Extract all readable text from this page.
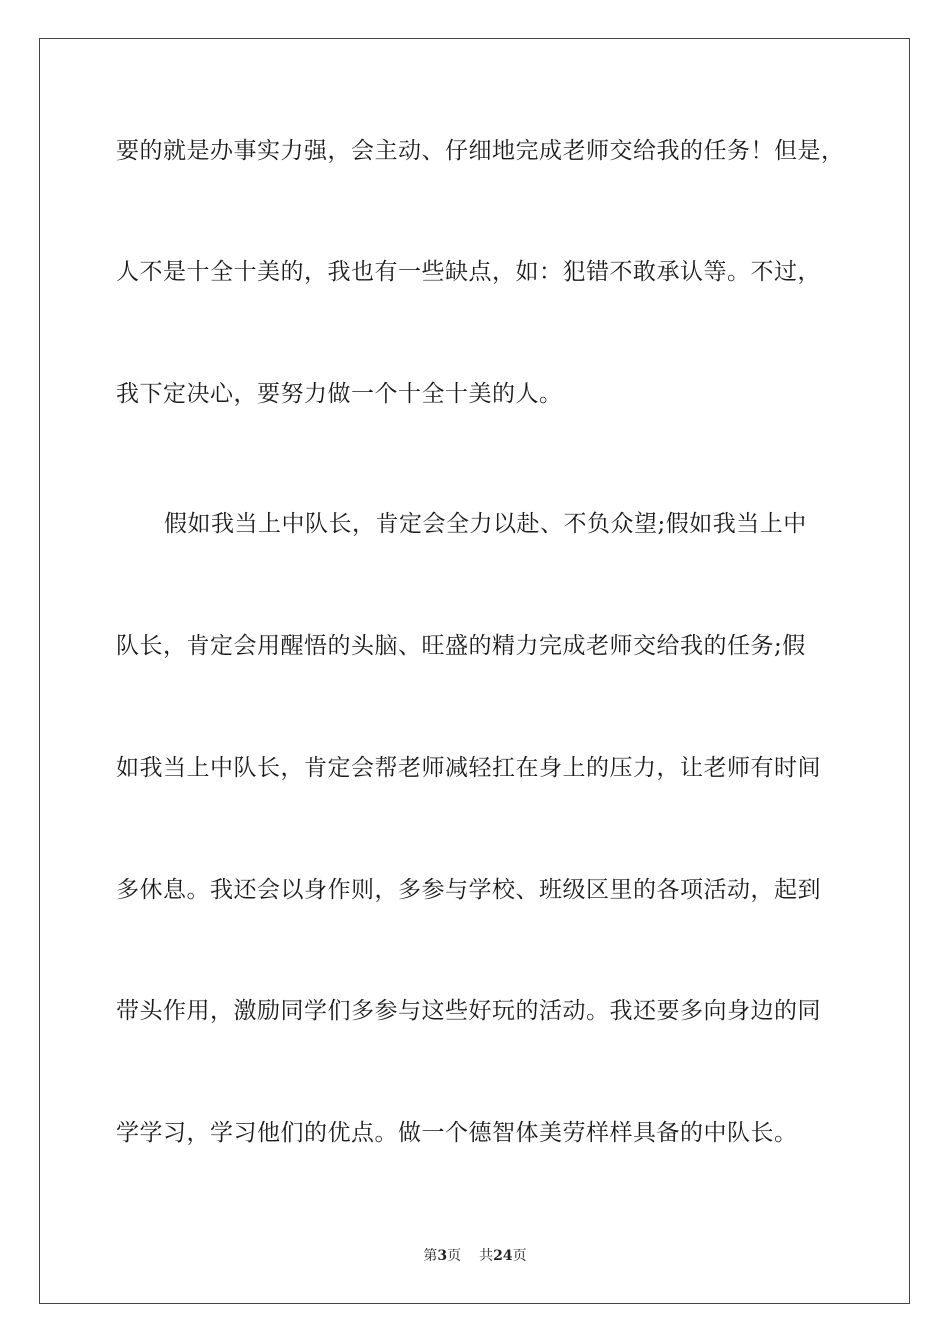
要的就是办事实力强，会主动、仔细地完成老师交给我的任务！但是，
人不是十全十美的，我也有一些缺点，如：犯错不敢承认等。不过，
我下定决心，要努力做一个十全十美的人。
假如我当上中队长，肯定会全力以赴、不负众望;假如我当上中
队长，肯定会用醒悟的头脑、旺盛的精力完成老师交给我的任务;假
如我当上中队长，肯定会帮老师减轻扛在身上的压力，让老师有时间
多休息。我还会以身作则，多参与学校、班级区里的各项活动，起到
带头作用，激励同学们多参与这些好玩的活动。我还要多向身边的同
学学习，学习他们的优点。做一个德智体美劳样样具备的中队长。
第3页 共24页
